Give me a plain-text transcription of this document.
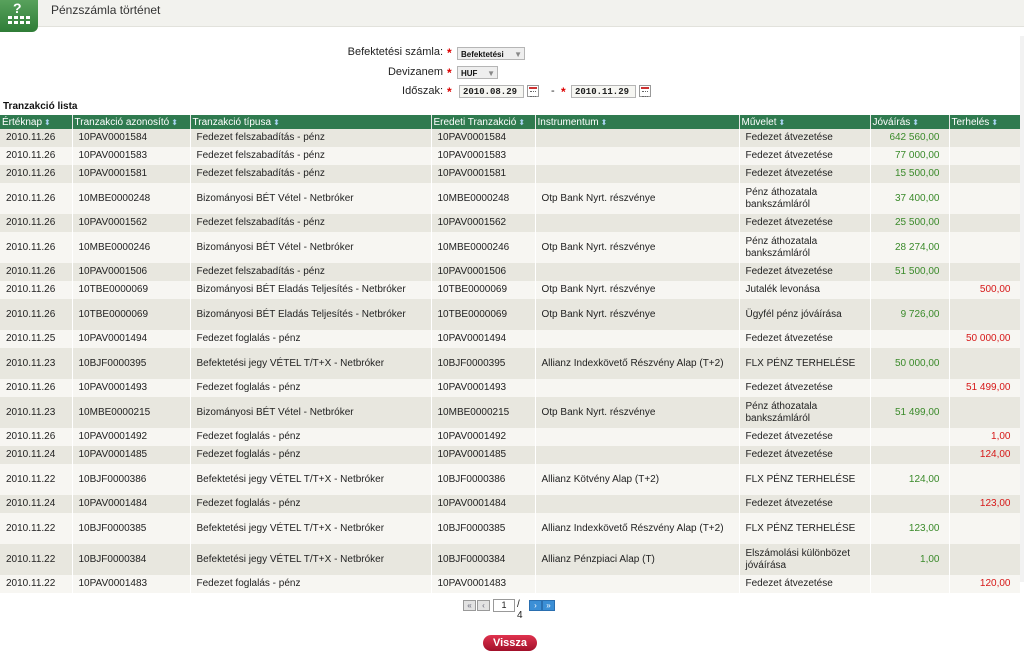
? Pénzszámla történet
Befektetési számla: *	Befektetési ▼
Devizanem *	HUF ▼
Időszak: *	2010.08.29	- *	2010.11.29
Tranzakció lista
Értéknap ⬍	Tranzakció azonosító ⬍	Tranzakció típusa ⬍	Eredeti Tranzakció ⬍	Instrumentum ⬍	Művelet ⬍	Jóváírás ⬍	Terhelés ⬍
2010.11.26	10PAV0001584	Fedezet felszabadítás - pénz	10PAV0001584		Fedezet átvezetése	642 560,00	
2010.11.26	10PAV0001583	Fedezet felszabadítás - pénz	10PAV0001583		Fedezet átvezetése	77 000,00	
2010.11.26	10PAV0001581	Fedezet felszabadítás - pénz	10PAV0001581		Fedezet átvezetése	15 500,00	
2010.11.26	10MBE0000248	Bizományosi BÉT Vétel - Netbróker	10MBE0000248	Otp Bank Nyrt. részvénye	Pénz áthozatala bankszámláról	37 400,00	
2010.11.26	10PAV0001562	Fedezet felszabadítás - pénz	10PAV0001562		Fedezet átvezetése	25 500,00	
2010.11.26	10MBE0000246	Bizományosi BÉT Vétel - Netbróker	10MBE0000246	Otp Bank Nyrt. részvénye	Pénz áthozatala bankszámláról	28 274,00	
2010.11.26	10PAV0001506	Fedezet felszabadítás - pénz	10PAV0001506		Fedezet átvezetése	51 500,00	
2010.11.26	10TBE0000069	Bizományosi BÉT Eladás Teljesítés - Netbróker	10TBE0000069	Otp Bank Nyrt. részvénye	Jutalék levonása		500,00
2010.11.26	10TBE0000069	Bizományosi BÉT Eladás Teljesítés - Netbróker	10TBE0000069	Otp Bank Nyrt. részvénye	Ügyfél pénz jóváírása	9 726,00	
2010.11.25	10PAV0001494	Fedezet foglalás - pénz	10PAV0001494		Fedezet átvezetése		50 000,00
2010.11.23	10BJF0000395	Befektetési jegy VÉTEL T/T+X - Netbróker	10BJF0000395	Allianz Indexkövető Részvény Alap (T+2)	FLX PÉNZ TERHELÉSE	50 000,00	
2010.11.26	10PAV0001493	Fedezet foglalás - pénz	10PAV0001493		Fedezet átvezetése		51 499,00
2010.11.23	10MBE0000215	Bizományosi BÉT Vétel - Netbróker	10MBE0000215	Otp Bank Nyrt. részvénye	Pénz áthozatala bankszámláról	51 499,00	
2010.11.26	10PAV0001492	Fedezet foglalás - pénz	10PAV0001492		Fedezet átvezetése		1,00
2010.11.24	10PAV0001485	Fedezet foglalás - pénz	10PAV0001485		Fedezet átvezetése		124,00
2010.11.22	10BJF0000386	Befektetési jegy VÉTEL T/T+X - Netbróker	10BJF0000386	Allianz Kötvény Alap (T+2)	FLX PÉNZ TERHELÉSE	124,00	
2010.11.24	10PAV0001484	Fedezet foglalás - pénz	10PAV0001484		Fedezet átvezetése		123,00
2010.11.22	10BJF0000385	Befektetési jegy VÉTEL T/T+X - Netbróker	10BJF0000385	Allianz Indexkövető Részvény Alap (T+2)	FLX PÉNZ TERHELÉSE	123,00	
2010.11.22	10BJF0000384	Befektetési jegy VÉTEL T/T+X - Netbróker	10BJF0000384	Allianz Pénzpiaci Alap (T)	Elszámolási különbözet jóváírása	1,00	
2010.11.22	10PAV0001483	Fedezet foglalás - pénz	10PAV0001483		Fedezet átvezetése		120,00
«	‹	1	/ 4
›	»
Vissza
